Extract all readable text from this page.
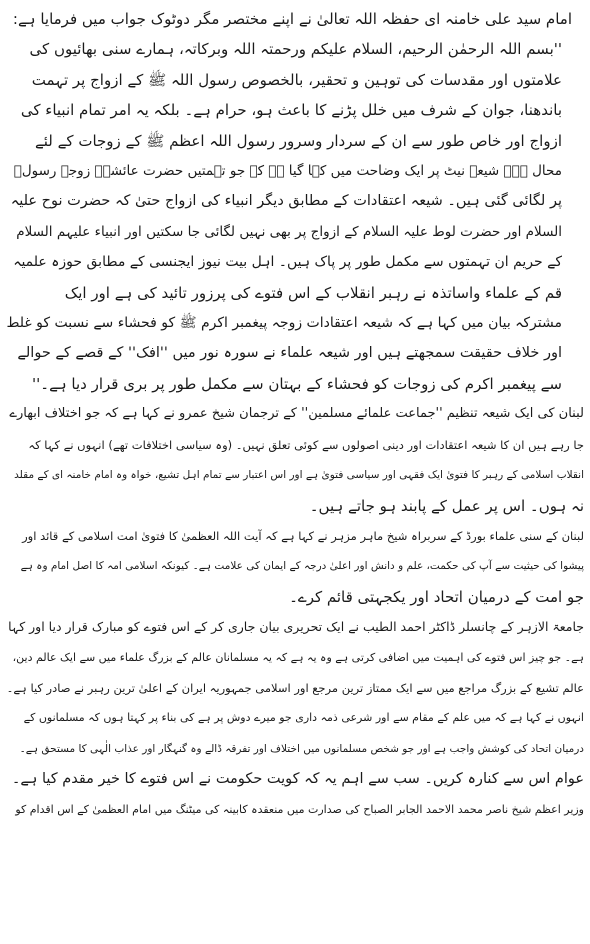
امام سید علی خامنہ ای حفظہ اللہ تعالیٰ نے اپنے مختصر مگر دوٹوک جواب میں فرمایا ہے:

''بسم اللہ الرحمٰن الرحیم، السلام علیکم ورحمتہ اللہ وبرکاتہ، ہمارے سنی بھائیوں کی

علامتوں اور مقدسات کی توہین و تحقیر، بالخصوص رسول اللہ ﷺ کے ازواج پر تہمت

باندھنا، جوان کے شرف میں خلل پڑنے کا باعث ہو، حرام ہے۔ بلکہ یہ امر تمام انبیاء کی

ازواج اور خاص طور سے ان کے سردار وسرور رسول اللہ اعظم ﷺ کے زوجات کے لئے

محال ہے۔ شیعہ نیٹ پر ایک وضاحت میں کہا گیا ہے کہ جو تہمتیں حضرت عائشہؓ زوجہ رسولؐ

پر لگائی گئی ہیں۔ شیعہ اعتقادات کے مطابق دیگر انبیاء کی ازواج حتیٰ کہ حضرت نوح علیہ

السلام اور حضرت لوط علیہ السلام کے ازواج پر بھی نہیں لگائی جا سکتیں اور انبیاء علیہم السلام

کے حریم ان تہمتوں سے مکمل طور پر پاک ہیں۔ اہل بیت نیوز ایجنسی کے مطابق حوزہ علمیہ

قم کے علماء واساتذہ نے رہبر انقلاب کے اس فتوے کی پرزور تائید کی ہے اور ایک

مشترکہ بیان میں کہا ہے کہ شیعہ اعتقادات زوجہ پیغمبر اکرم ﷺ کو فحشاء سے نسبت کو غلط

اور خلاف حقیقت سمجھتے ہیں اور شیعہ علماء نے سورہ نور میں ''افک'' کے قصے کے حوالے

سے پیغمبر اکرم کی زوجات کو فحشاء کے بہتان سے مکمل طور پر بری قرار دیا ہے۔''

لبنان کی ایک شیعہ تنظیم ''جماعت علمائے مسلمین'' کے ترجمان شیخ عمرو نے کہا ہے کہ جو اختلاف ابھارے

جا رہے ہیں ان کا شیعہ اعتقادات اور دینی اصولوں سے کوئی تعلق نہیں۔ (وہ سیاسی اختلافات تھے) انہوں نے کہا کہ

انقلاب اسلامی کے رہبر کا فتویٰ ایک فقہی اور سیاسی فتویٰ ہے اور اس اعتبار سے تمام اہل تشیع، خواہ وہ امام خامنہ ای کے مقلد

نہ ہوں۔ اس پر عمل کے پابند ہو جاتے ہیں۔

لبنان کے سنی علماء بورڈ کے سربراہ شیخ ماہر مزہر نے کہا ہے کہ آیت اللہ العظمیٰ کا فتویٰ امت اسلامی کے قائد اور

پیشوا کی حیثیت سے آپ کی حکمت، علم و دانش اور اعلیٰ درجہ کے ایمان کی علامت ہے۔ کیونکہ اسلامی امہ کا اصل امام وہ ہے

جو امت کے درمیان اتحاد اور یکجہتی قائم کرے۔

جامعۃ الازہر کے چانسلر ڈاکٹر احمد الطیب نے ایک تحریری بیان جاری کر کے اس فتوے کو مبارک قرار دیا اور کہا

ہے۔ جو چیز اس فتوے کی اہمیت میں اضافی کرتی ہے وہ یہ ہے کہ یہ مسلمانان عالم کے بزرگ علماء میں سے ایک عالم دین،

عالم تشیع کے بزرگ مراجع میں سے ایک ممتاز ترین مرجع اور اسلامی جمہوریہ ایران کے اعلیٰ ترین رہبر نے صادر کیا ہے۔

انہوں نے کہا ہے کہ میں علم کے مقام سے اور شرعی ذمہ داری جو میرے دوش پر ہے کی بناء پر کہتا ہوں کہ مسلمانوں کے

درمیان اتحاد کی کوشش واجب ہے اور جو شخص مسلمانوں میں اختلاف اور تفرقہ ڈالے وہ گنہگار اور عذاب الٰہی کا مستحق ہے۔

عوام اس سے کنارہ کریں۔ سب سے اہم یہ کہ کویت حکومت نے اس فتوے کا خیر مقدم کیا ہے۔

وزیر اعظم شیخ ناصر محمد الاحمد الجابر الصباح کی صدارت میں منعقدہ کابینہ کی میٹنگ میں امام العظمیٰ کے اس اقدام کو
